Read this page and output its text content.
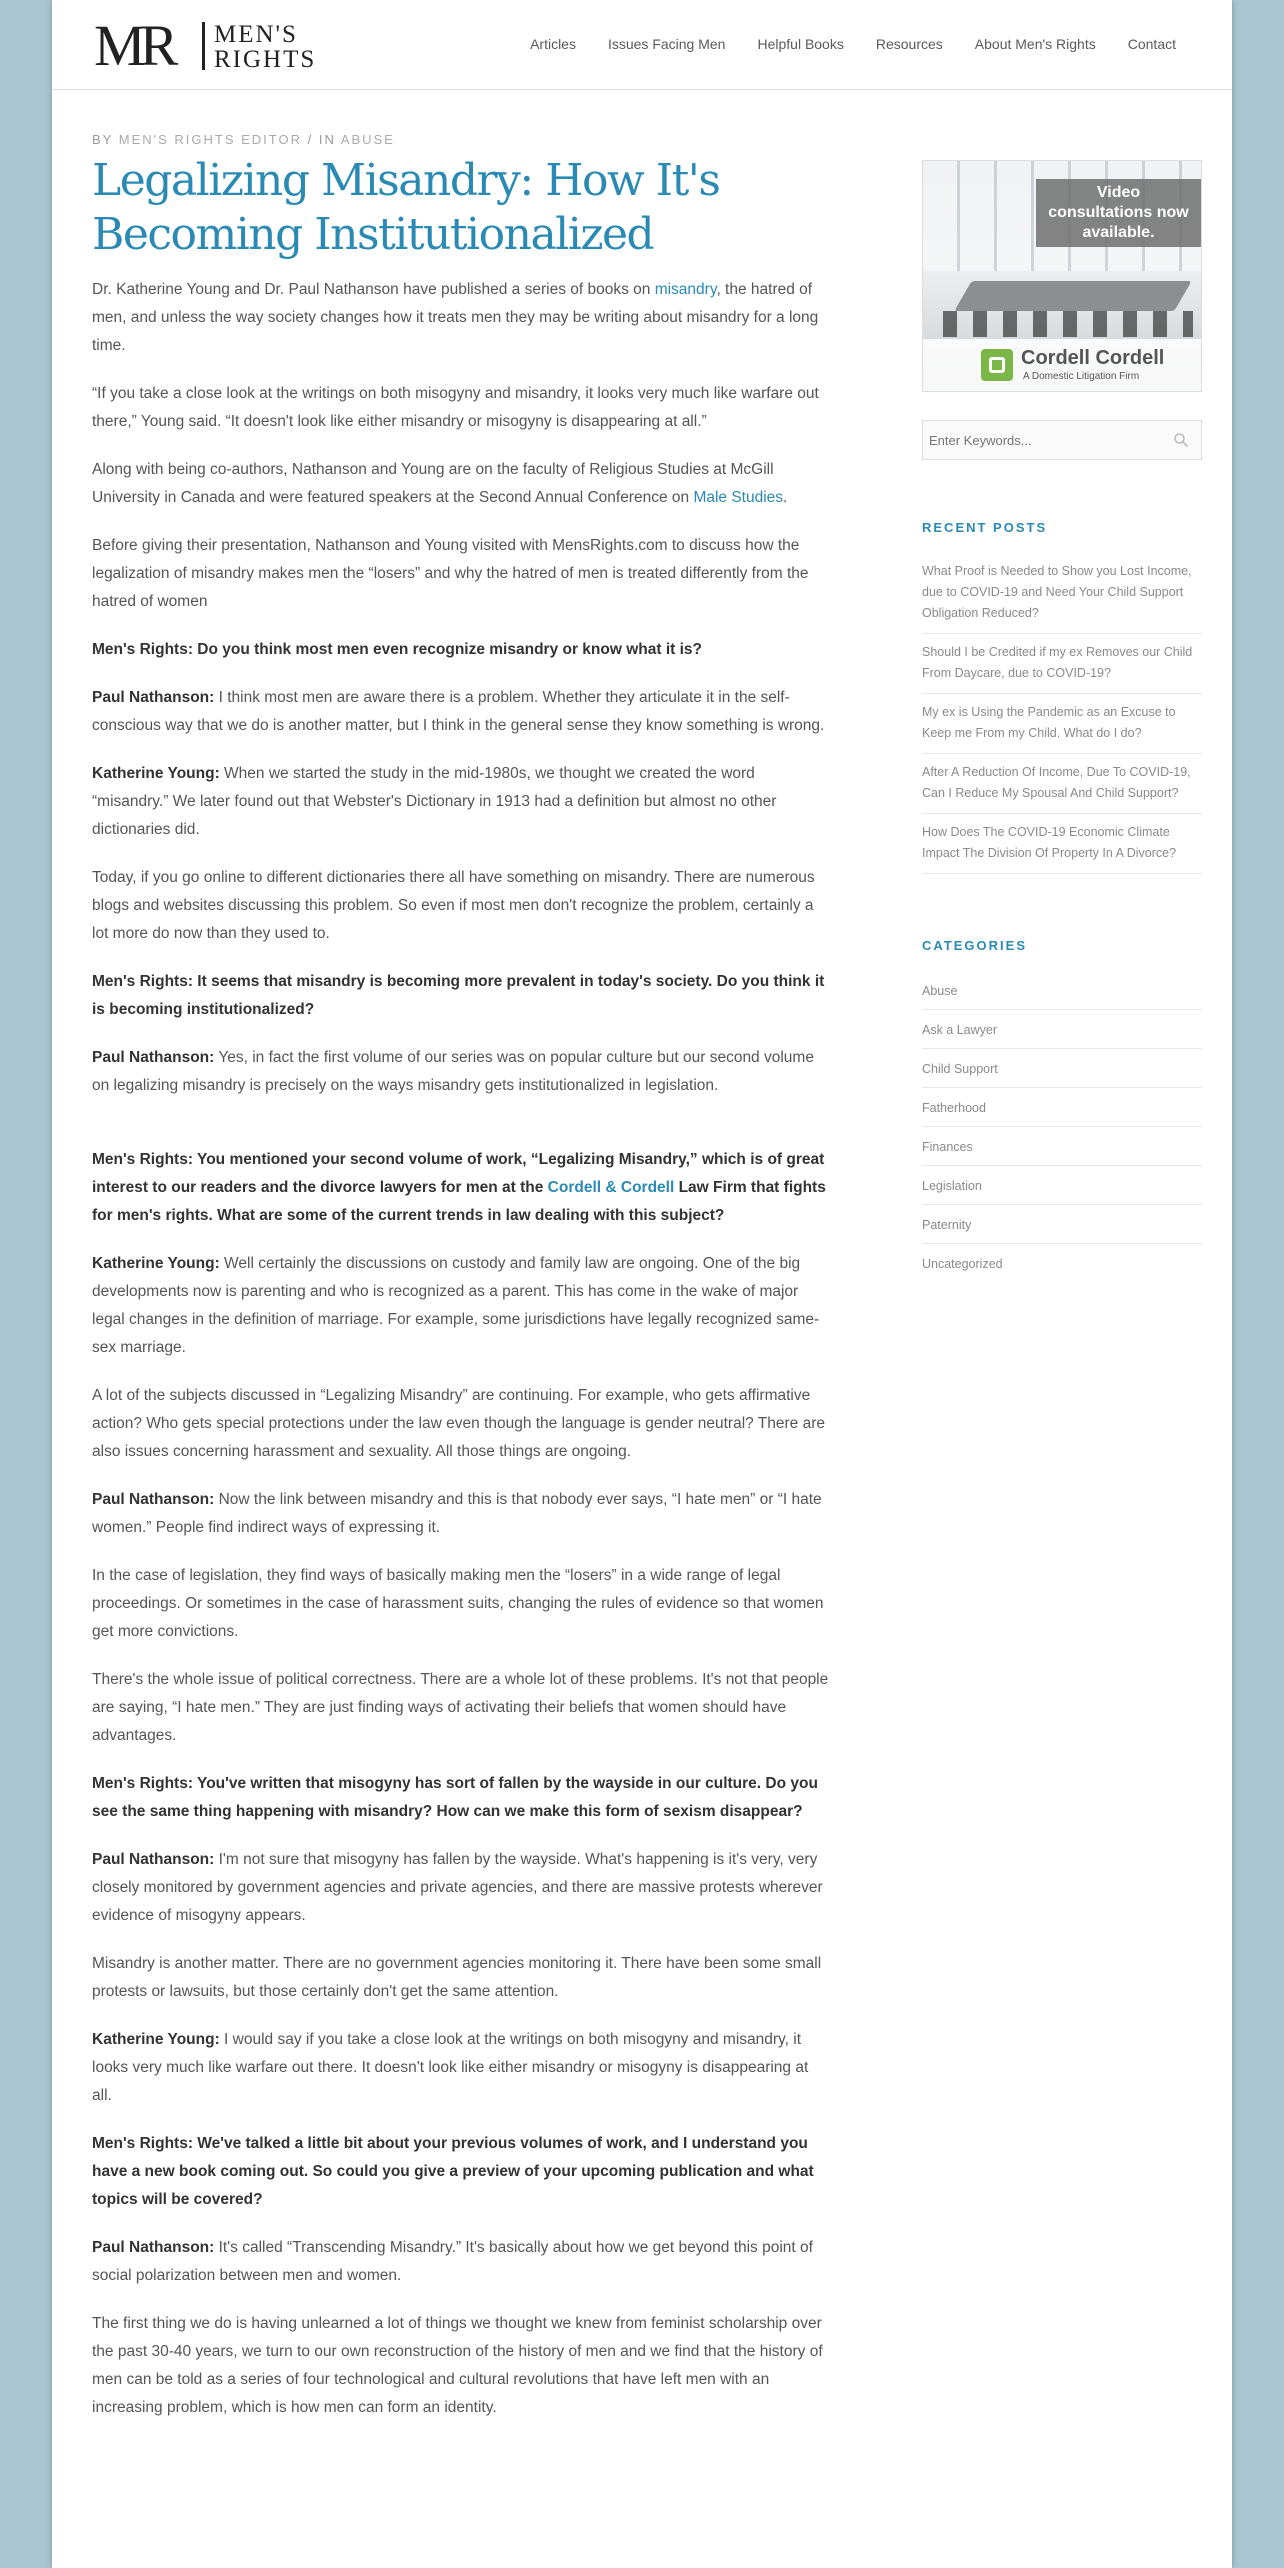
MR MEN'S
RIGHTS
Articles Issues Facing Men Helpful Books Resources About Men's Rights Contact
BY MEN'S RIGHTS EDITOR / IN ABUSE
Legalizing Misandry: How It's Becoming Institutionalized

Dr. Katherine Young and Dr. Paul Nathanson have published a series of books on misandry, the hatred of men, and unless the way society changes how it treats men they may be writing about misandry for a long time.

“If you take a close look at the writings on both misogyny and misandry, it looks very much like warfare out there,” Young said. “It doesn't look like either misandry or misogyny is disappearing at all.”

Along with being co-authors, Nathanson and Young are on the faculty of Religious Studies at McGill University in Canada and were featured speakers at the Second Annual Conference on Male Studies.

Before giving their presentation, Nathanson and Young visited with MensRights.com to discuss how the legalization of misandry makes men the “losers” and why the hatred of men is treated differently from the hatred of women

Men's Rights: Do you think most men even recognize misandry or know what it is?

Paul Nathanson: I think most men are aware there is a problem. Whether they articulate it in the self-conscious way that we do is another matter, but I think in the general sense they know something is wrong.

Katherine Young: When we started the study in the mid-1980s, we thought we created the word “misandry.” We later found out that Webster's Dictionary in 1913 had a definition but almost no other dictionaries did.

Today, if you go online to different dictionaries there all have something on misandry. There are numerous blogs and websites discussing this problem. So even if most men don't recognize the problem, certainly a lot more do now than they used to.

Men's Rights: It seems that misandry is becoming more prevalent in today's society. Do you think it is becoming institutionalized?

Paul Nathanson: Yes, in fact the first volume of our series was on popular culture but our second volume on legalizing misandry is precisely on the ways misandry gets institutionalized in legislation.

Men's Rights: You mentioned your second volume of work, “Legalizing Misandry,” which is of great interest to our readers and the divorce lawyers for men at the Cordell & Cordell Law Firm that fights for men's rights. What are some of the current trends in law dealing with this subject?

Katherine Young: Well certainly the discussions on custody and family law are ongoing. One of the big developments now is parenting and who is recognized as a parent. This has come in the wake of major legal changes in the definition of marriage. For example, some jurisdictions have legally recognized same-sex marriage.

A lot of the subjects discussed in “Legalizing Misandry” are continuing. For example, who gets affirmative action? Who gets special protections under the law even though the language is gender neutral? There are also issues concerning harassment and sexuality. All those things are ongoing.

Paul Nathanson: Now the link between misandry and this is that nobody ever says, “I hate men” or “I hate women.” People find indirect ways of expressing it.

In the case of legislation, they find ways of basically making men the “losers” in a wide range of legal proceedings. Or sometimes in the case of harassment suits, changing the rules of evidence so that women get more convictions.

There's the whole issue of political correctness. There are a whole lot of these problems. It's not that people are saying, “I hate men.” They are just finding ways of activating their beliefs that women should have advantages.

Men's Rights: You've written that misogyny has sort of fallen by the wayside in our culture. Do you see the same thing happening with misandry? How can we make this form of sexism disappear?

Paul Nathanson: I'm not sure that misogyny has fallen by the wayside. What's happening is it's very, very closely monitored by government agencies and private agencies, and there are massive protests wherever evidence of misogyny appears.

Misandry is another matter. There are no government agencies monitoring it. There have been some small protests or lawsuits, but those certainly don't get the same attention.

Katherine Young: I would say if you take a close look at the writings on both misogyny and misandry, it looks very much like warfare out there. It doesn't look like either misandry or misogyny is disappearing at all.

Men's Rights: We've talked a little bit about your previous volumes of work, and I understand you have a new book coming out. So could you give a preview of your upcoming publication and what topics will be covered?

Paul Nathanson: It's called “Transcending Misandry.” It's basically about how we get beyond this point of social polarization between men and women.

The first thing we do is having unlearned a lot of things we thought we knew from feminist scholarship over the past 30-40 years, we turn to our own reconstruction of the history of men and we find that the history of men can be told as a series of four technological and cultural revolutions that have left men with an increasing problem, which is how men can form an identity.

Video consultations now available.
Cordell Cordell
A Domestic Litigation Firm
Enter Keywords...
RECENT POSTS
What Proof is Needed to Show you Lost Income, due to COVID-19 and Need Your Child Support Obligation Reduced?
Should I be Credited if my ex Removes our Child From Daycare, due to COVID-19?
My ex is Using the Pandemic as an Excuse to Keep me From my Child. What do I do?
After A Reduction Of Income, Due To COVID-19, Can I Reduce My Spousal And Child Support?
How Does The COVID-19 Economic Climate Impact The Division Of Property In A Divorce?
CATEGORIES
Abuse
Ask a Lawyer
Child Support
Fatherhood
Finances
Legislation
Paternity
Uncategorized
